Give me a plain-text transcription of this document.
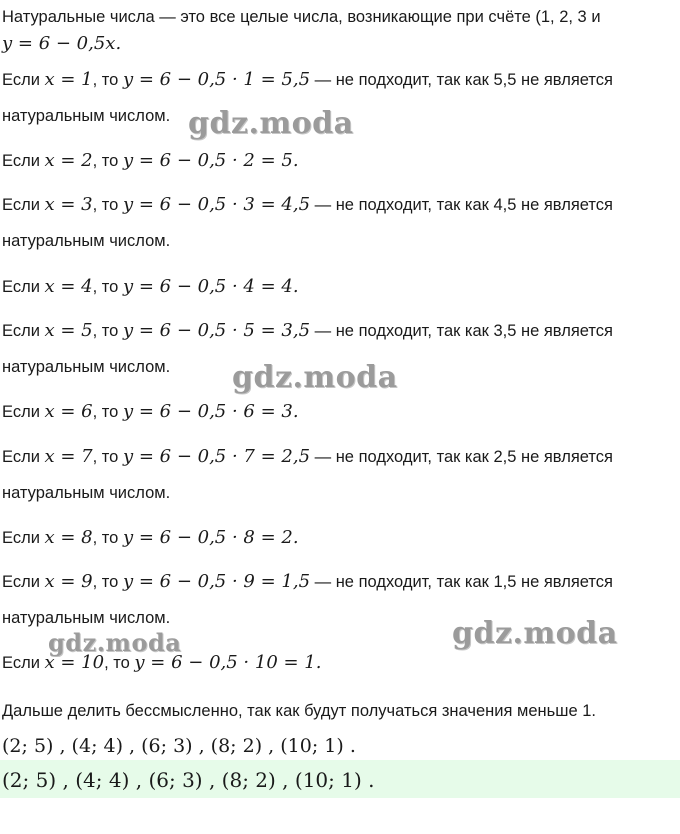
Натуральные числа — это все целые числа, возникающие при счёте (1, 2, 3 и
y = 6 − 0,5x.
Если x = 1, то y = 6 − 0,5 · 1 = 5,5 — не подходит, так как 5,5 не является
натуральным числом.
Если x = 2, то y = 6 − 0,5 · 2 = 5.
Если x = 3, то y = 6 − 0,5 · 3 = 4,5 — не подходит, так как 4,5 не является
натуральным числом.
Если x = 4, то y = 6 − 0,5 · 4 = 4.
Если x = 5, то y = 6 − 0,5 · 5 = 3,5 — не подходит, так как 3,5 не является
натуральным числом.
Если x = 6, то y = 6 − 0,5 · 6 = 3.
Если x = 7, то y = 6 − 0,5 · 7 = 2,5 — не подходит, так как 2,5 не является
натуральным числом.
Если x = 8, то y = 6 − 0,5 · 8 = 2.
Если x = 9, то y = 6 − 0,5 · 9 = 1,5 — не подходит, так как 1,5 не является
натуральным числом.
Если x = 10, то y = 6 − 0,5 · 10 = 1.
Дальше делить бессмысленно, так как будут получаться значения меньше 1.
(2; 5) , (4; 4) , (6; 3) , (8; 2) , (10; 1) .
(2; 5) , (4; 4) , (6; 3) , (8; 2) , (10; 1) .
gdz.moda
gdz.moda
gdz.moda	gdz.moda
